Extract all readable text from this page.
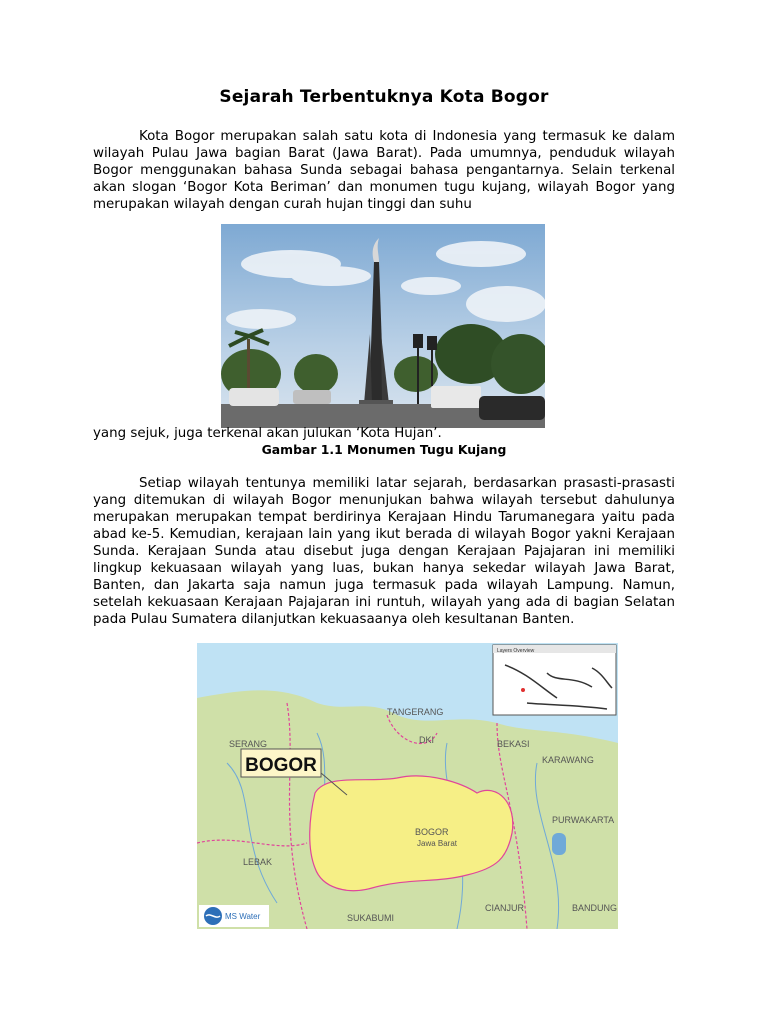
Sejarah Terbentuknya Kota Bogor

Kota Bogor merupakan salah satu kota di Indonesia yang termasuk ke dalam wilayah Pulau Jawa bagian Barat (Jawa Barat). Pada umumnya, penduduk wilayah Bogor menggunakan bahasa Sunda sebagai bahasa pengantarnya. Selain terkenal akan slogan ‘Bogor Kota Beriman’ dan monumen tugu kujang, wilayah Bogor yang merupakan wilayah dengan curah hujan tinggi dan suhu

yang sejuk, juga terkenal akan julukan ‘Kota Hujan’.
Gambar 1.1 Monumen Tugu Kujang

Setiap wilayah tentunya memiliki latar sejarah, berdasarkan prasasti-prasasti yang ditemukan di wilayah Bogor menunjukan bahwa wilayah tersebut dahulunya merupakan merupakan tempat berdirinya Kerajaan Hindu Tarumanegara yaitu pada abad ke-5. Kemudian, kerajaan lain yang ikut berada di wilayah Bogor yakni Kerajaan Sunda. Kerajaan Sunda atau disebut juga dengan Kerajaan Pajajaran ini memiliki lingkup kekuasaan wilayah yang luas, bukan hanya sekedar wilayah Jawa Barat, Banten, dan Jakarta saja namun juga termasuk pada wilayah Lampung. Namun, setelah kekuasaan Kerajaan Pajajaran ini runtuh, wilayah yang ada di bagian Selatan pada Pulau Sumatera dilanjutkan kekuasaanya oleh kesultanan Banten.

BOGOR
TANGERANG
SERANG	DKI	BEKASI
KARAWANG
LEBAK
BOGOR
Jawa Barat
PURWAKARTA
CIANJUR
SUKABUMI
BANDUNG
Layers Overview
MS Water
